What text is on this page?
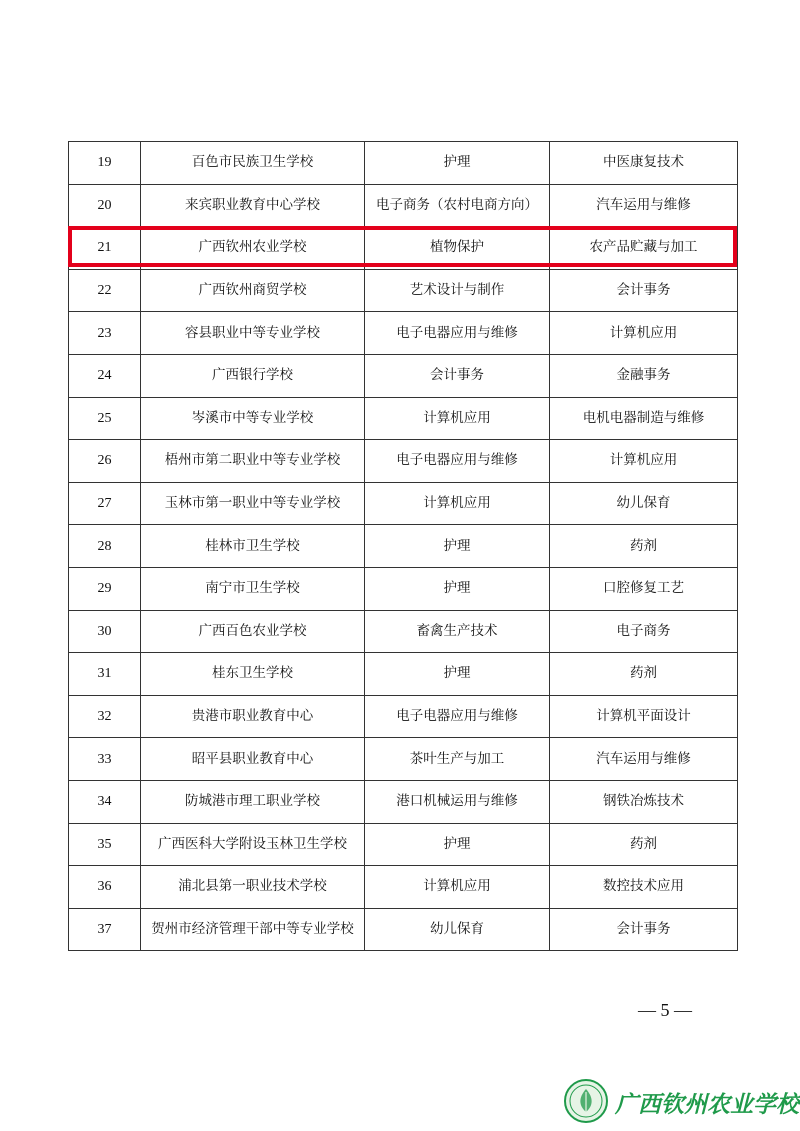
19	百色市民族卫生学校	护理	中医康复技术
20	来宾职业教育中心学校	电子商务（农村电商方向）	汽车运用与维修
21	广西钦州农业学校	植物保护	农产品贮藏与加工
22	广西钦州商贸学校	艺术设计与制作	会计事务
23	容县职业中等专业学校	电子电器应用与维修	计算机应用
24	广西银行学校	会计事务	金融事务
25	岑溪市中等专业学校	计算机应用	电机电器制造与维修
26	梧州市第二职业中等专业学校	电子电器应用与维修	计算机应用
27	玉林市第一职业中等专业学校	计算机应用	幼儿保育
28	桂林市卫生学校	护理	药剂
29	南宁市卫生学校	护理	口腔修复工艺
30	广西百色农业学校	畜禽生产技术	电子商务
31	桂东卫生学校	护理	药剂
32	贵港市职业教育中心	电子电器应用与维修	计算机平面设计
33	昭平县职业教育中心	茶叶生产与加工	汽车运用与维修
34	防城港市理工职业学校	港口机械运用与维修	钢铁冶炼技术
35	广西医科大学附设玉林卫生学校	护理	药剂
36	浦北县第一职业技术学校	计算机应用	数控技术应用
37	贺州市经济管理干部中等专业学校	幼儿保育	会计事务
— 5 —
广西钦州农业学校
